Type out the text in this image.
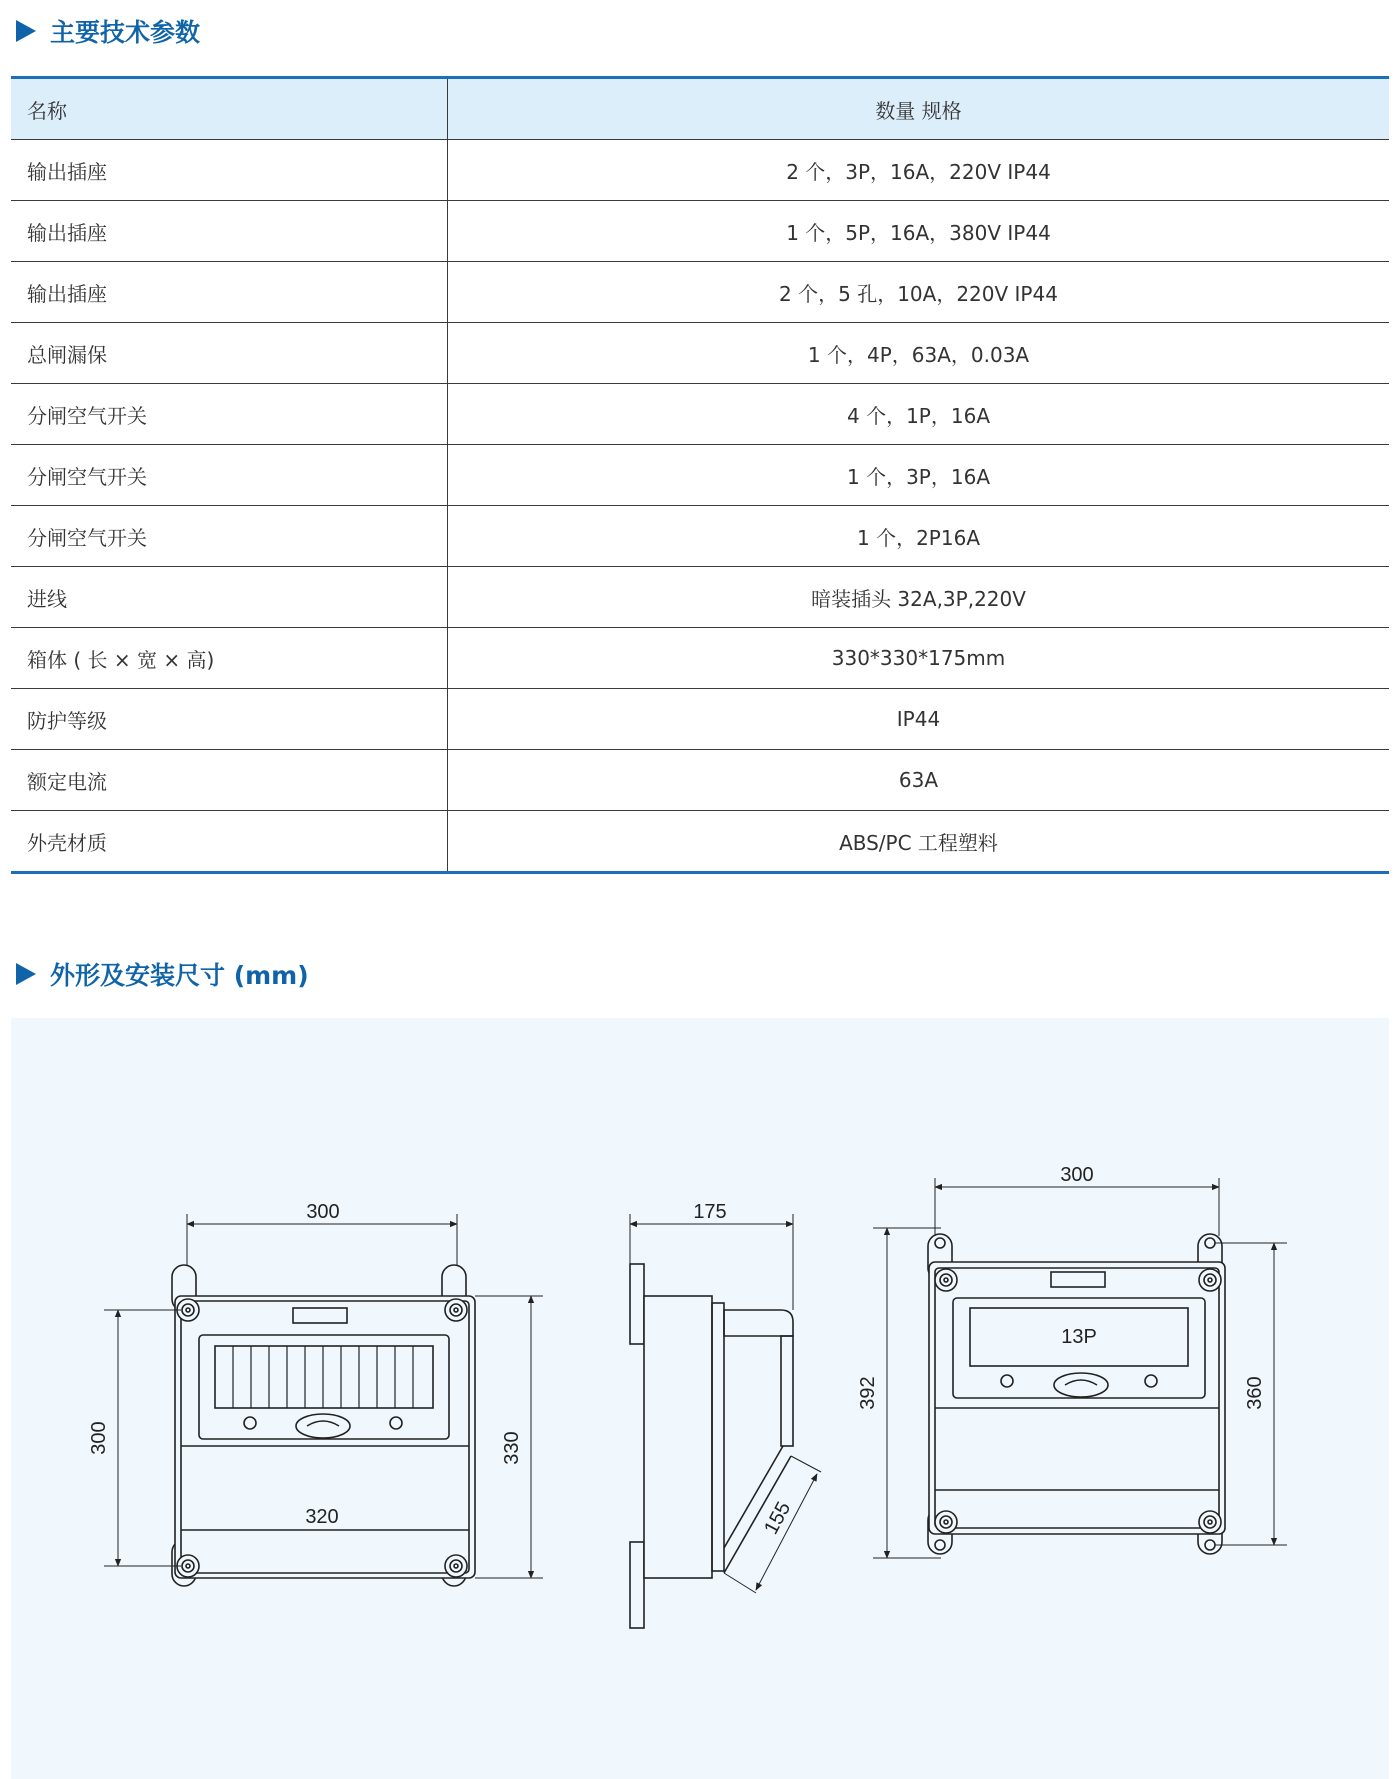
主要技术参数
名称	数量 规格
输出插座	2 个，3P，16A，220V IP44
输出插座	1 个，5P，16A，380V IP44
输出插座	2 个，5 孔，10A，220V IP44
总闸漏保	1 个，4P，63A，0.03A
分闸空气开关	4 个，1P，16A
分闸空气开关	1 个，3P，16A
分闸空气开关	1 个，2P16A
进线	暗装插头 32A,3P,220V
箱体 ( 长 × 宽 × 高)	330*330*175mm
防护等级	IP44
额定电流	63A
外壳材质	ABS/PC 工程塑料
外形及安装尺寸 (mm)
300
300	330
320
175
155
300
392	360
13P
